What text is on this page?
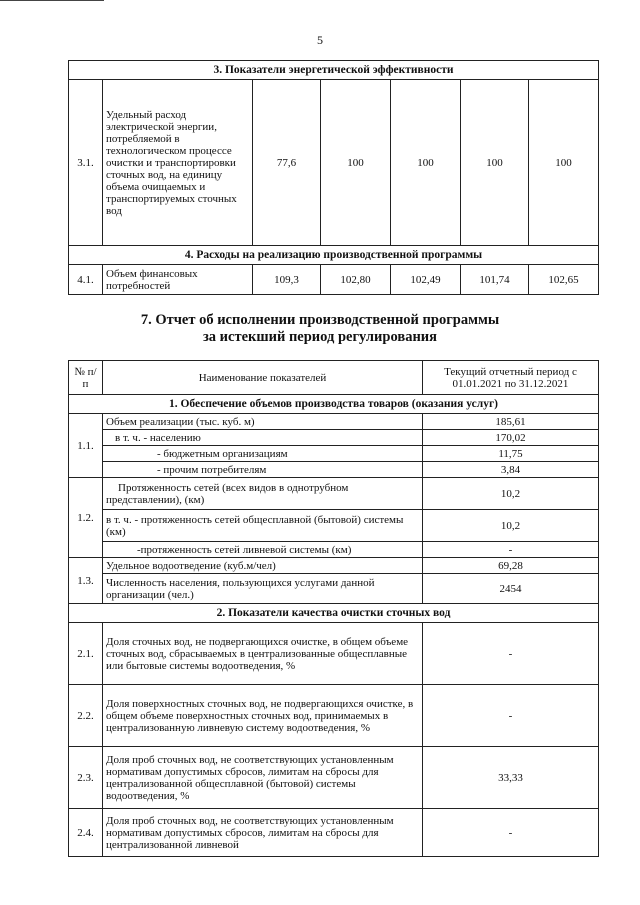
5
3. Показатели энергетической эффективности						
3.1.	Удельный расход электрической энергии, потребляемой в технологическом процессе очистки и транспортировки сточных вод, на единицу объема очищаемых и транспортируемых сточных вод	77,6	100	100	100	100
4. Расходы на реализацию производственной программы						
4.1.	Объем финансовых потребностей	109,3	102,80	102,49	101,74	102,65
7. Отчет об исполнении производственной программы
за истекший период регулирования
№ п/п	Наименование показателей	Текущий отчетный период с 01.01.2021 по 31.12.2021
1. Обеспечение объемов производства товаров (оказания услуг)		
1.1.	Объем реализации (тыс. куб. м)	185,61
	в т. ч. - населению	170,02
	- бюджетным организациям	11,75
	- прочим потребителям	3,84
1.2.	Протяженность сетей (всех видов в однотрубном представлении), (км)	10,2
	в т. ч. - протяженность сетей общесплавной (бытовой) системы (км)	10,2
	-протяженность сетей ливневой системы (км)	-
1.3.	Удельное водоотведение (куб.м/чел)	69,28
	Численность населения, пользующихся услугами данной организации (чел.)	2454
2. Показатели качества очистки сточных вод		
2.1.	Доля сточных вод, не подвергающихся очистке, в общем объеме сточных вод, сбрасываемых в централизованные общесплавные или бытовые системы водоотведения, %	-
2.2.	Доля поверхностных сточных вод, не подвергающихся очистке, в общем объеме поверхностных сточных вод, принимаемых в централизованную ливневую систему водоотведения, %	-
2.3.	Доля проб сточных вод, не соответствующих установленным нормативам допустимых сбросов, лимитам на сбросы для централизованной общесплавной (бытовой) системы водоотведения, %	33,33
2.4.	Доля проб сточных вод, не соответствующих установленным нормативам допустимых сбросов, лимитам на сбросы для централизованной ливневой	-
